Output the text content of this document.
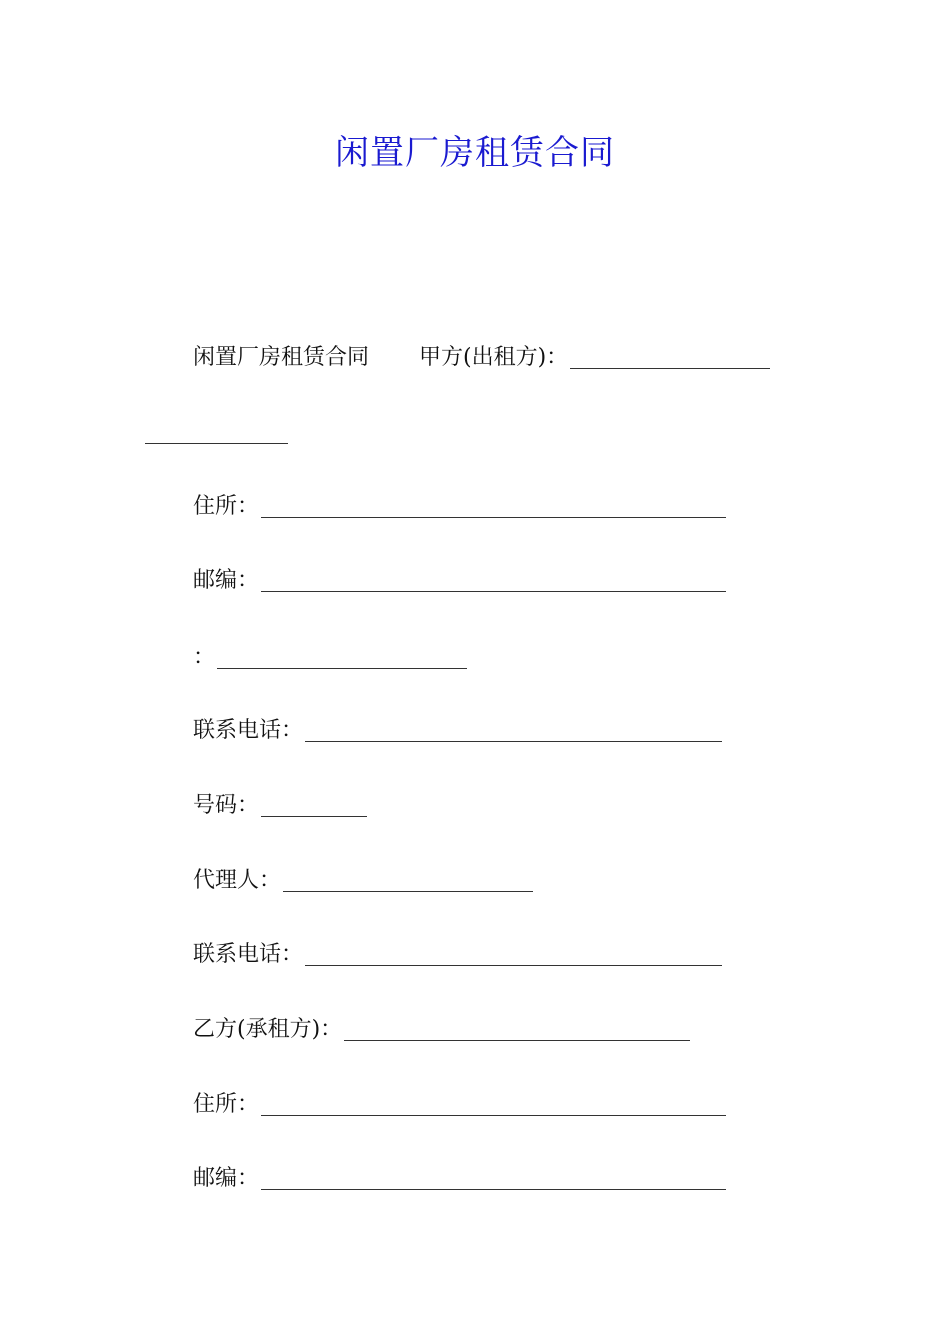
闲置厂房租赁合同
闲置厂房租赁合同 甲方(出租方)：
住所：
邮编：
：
联系电话：
号码：
代理人：
联系电话：
乙方(承租方)：
住所：
邮编：
